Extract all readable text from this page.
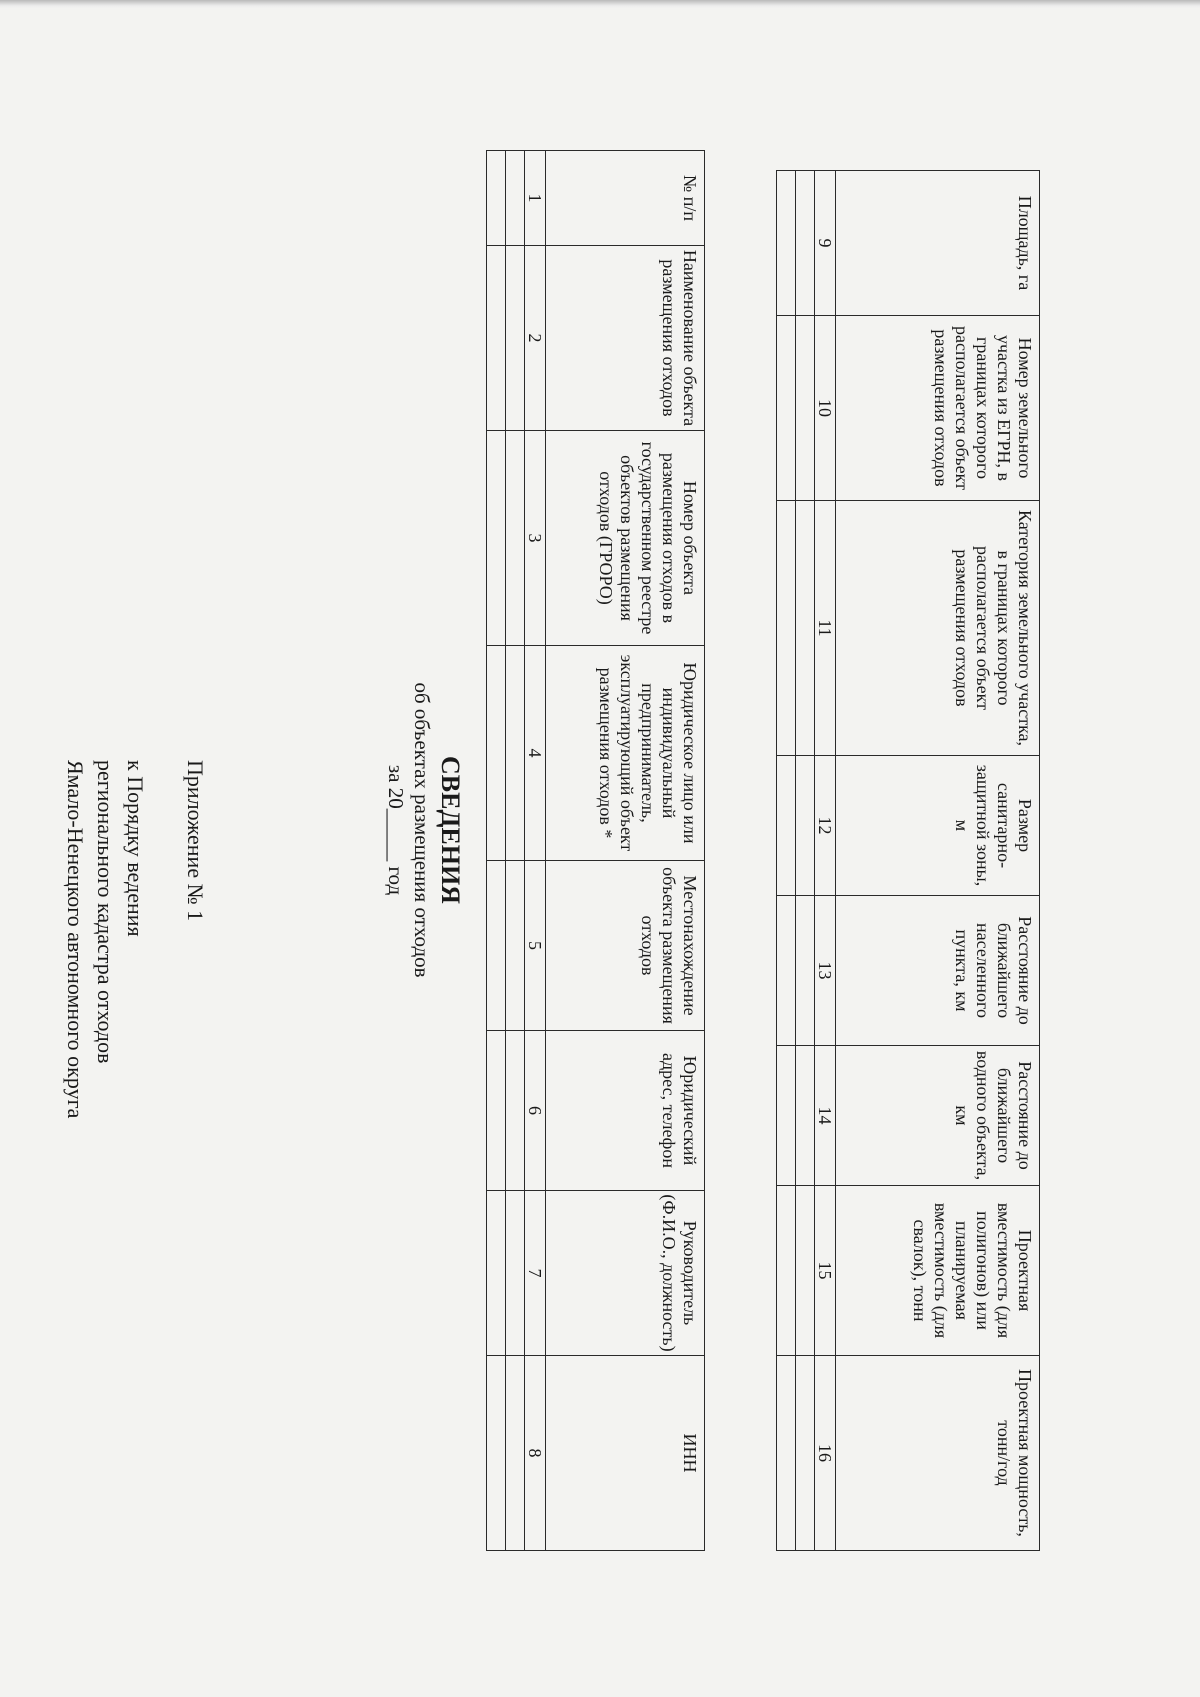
Приложение № 1
к Порядку ведения
регионального кадастра отходов
Ямало-Ненецкого автономного округа	СВЕДЕНИЯ
об объектах размещения отходов
за 20_____ год
№ п/п	Наименование объекта размещения отходов	Номер объекта размещения отходов в государственном реестре объектов размещения отходов (ГРОРО)	Юридическое лицо или индивидуальный предприниматель, эксплуатирующий объект размещения отходов *	Местонахождение объекта размещения отходов	Юридический адрес, телефон	Руководитель (Ф.И.О., должность)	ИНН
1	2	3	4	5	6	7	8

Площадь, га	Номер земельного участка из ЕГРН, в границах которого располагается объект размещения отходов	Категория земельного участка, в границах которого располагается объект размещения отходов	Размер санитарно-защитной зоны, м	Расстояние до ближайшего населенного пункта, км	Расстояние до ближайшего водного объекта, км	Проектная вместимость (для полигонов) или планируемая вместимость (для свалок), тонн	Проектная мощность, тонн/год
9	10	11	12	13	14	15	16
